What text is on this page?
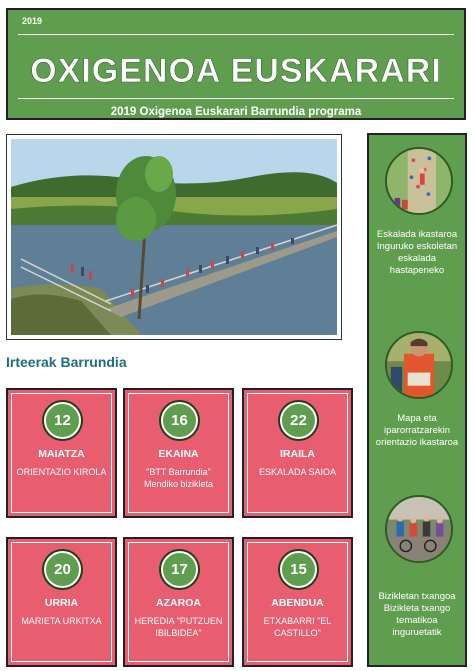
2019
OXIGENOA EUSKARARI
2019 Oxigenoa Euskarari Barrundia programa
Irteerak Barrundia
12
MAIATZA
ORIENTAZIO KIROLA
16
EKAINA
"BTT Barrundia" Mendiko bizikleta
22
IRAILA
ESKALADA SAIOA
20
URRIA
MARIETA URKITXA
17
AZAROA
HEREDIA "PUTZUEN IBILBIDEA"
15
ABENDUA
ETXABARRI "EL CASTILLO"
Eskalada ikastaroa Inguruko eskoletan eskalada hastapeneko
Mapa eta iparorratzarekin orientazio ikastaroa
Bizikletan txangoa Bizikleta txango tematikoa inguruetatik
